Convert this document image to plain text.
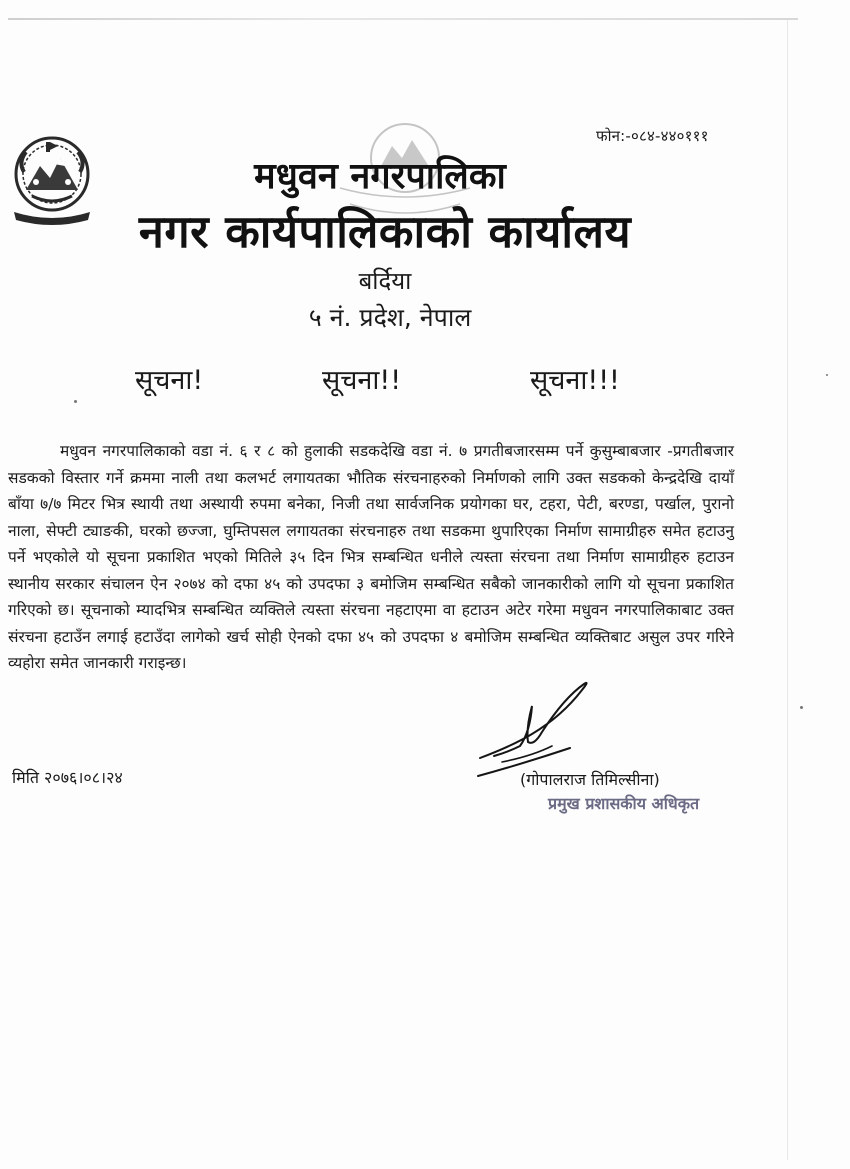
फोन:-०८४-४४०१११
मधुवन नगरपालिका
नगर कार्यपालिकाको कार्यालय
बर्दिया
५ नं. प्रदेश, नेपाल
सूचना!	सूचना!!	सूचना!!!
मधुवन नगरपालिकाको वडा नं. ६ र ८ को हुलाकी सडकदेखि वडा नं. ७ प्रगतीबजारसम्म पर्ने कुसुम्बाबजार -प्रगतीबजार सडकको विस्तार गर्ने क्रममा नाली तथा कलभर्ट लगायतका भौतिक संरचनाहरुको निर्माणको लागि उक्त सडकको केन्द्रदेखि दायाँ बाँया ७/७ मिटर भित्र स्थायी तथा अस्थायी रुपमा बनेका, निजी तथा सार्वजनिक प्रयोगका घर, टहरा, पेटी, बरण्डा, पर्खाल, पुरानो नाला, सेफ्टी ट्याङकी, घरको छज्जा, घुम्तिपसल लगायतका संरचनाहरु तथा सडकमा थुपारिएका निर्माण सामाग्रीहरु समेत हटाउनु पर्ने भएकोले यो सूचना प्रकाशित भएको मितिले ३५ दिन भित्र सम्बन्धित धनीले त्यस्ता संरचना तथा निर्माण सामाग्रीहरु हटाउन स्थानीय सरकार संचालन ऐन २०७४ को दफा ४५ को उपदफा ३ बमोजिम सम्बन्धित सबैको जानकारीको लागि यो सूचना प्रकाशित गरिएको छ। सूचनाको म्यादभित्र सम्बन्धित व्यक्तिले त्यस्ता संरचना नहटाएमा वा हटाउन अटेर गरेमा मधुवन नगरपालिकाबाट उक्त संरचना हटाउँन लगाई हटाउँदा लागेको खर्च सोही ऐनको दफा ४५ को उपदफा ४ बमोजिम सम्बन्धित व्यक्तिबाट असुल उपर गरिने व्यहोरा समेत जानकारी गराइन्छ।
मिति २०७६।०८।२४	(गोपालराज तिमिल्सीना)
प्रमुख प्रशासकीय अधिकृत
